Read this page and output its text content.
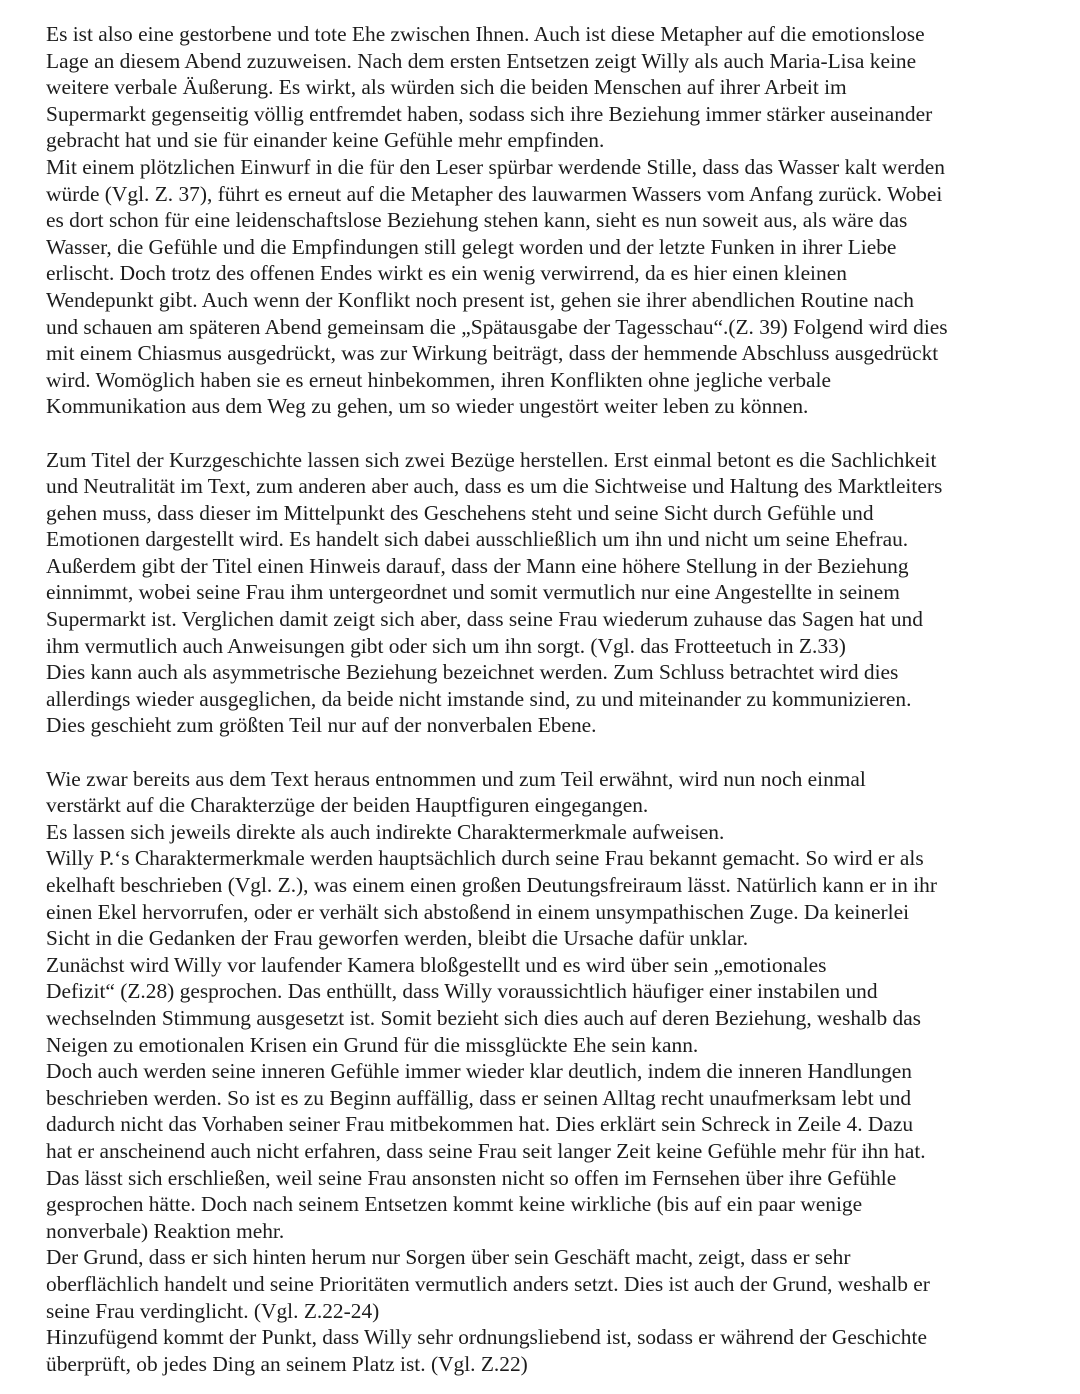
Es ist also eine gestorbene und tote Ehe zwischen Ihnen. Auch ist diese Metapher auf die emotionslose
Lage an diesem Abend zuzuweisen. Nach dem ersten Entsetzen zeigt Willy als auch Maria-Lisa keine
weitere verbale Äußerung. Es wirkt, als würden sich die beiden Menschen auf ihrer Arbeit im
Supermarkt gegenseitig völlig entfremdet haben, sodass sich ihre Beziehung immer stärker auseinander
gebracht hat und sie für einander keine Gefühle mehr empfinden.
Mit einem plötzlichen Einwurf in die für den Leser spürbar werdende Stille, dass das Wasser kalt werden
würde (Vgl. Z. 37), führt es erneut auf die Metapher des lauwarmen Wassers vom Anfang zurück. Wobei
es dort schon für eine leidenschaftslose Beziehung stehen kann, sieht es nun soweit aus, als wäre das
Wasser, die Gefühle und die Empfindungen still gelegt worden und der letzte Funken in ihrer Liebe
erlischt. Doch trotz des offenen Endes wirkt es ein wenig verwirrend, da es hier einen kleinen
Wendepunkt gibt. Auch wenn der Konflikt noch present ist, gehen sie ihrer abendlichen Routine nach
und schauen am späteren Abend gemeinsam die „Spätausgabe der Tagesschau“.(Z. 39) Folgend wird dies
mit einem Chiasmus ausgedrückt, was zur Wirkung beiträgt, dass der hemmende Abschluss ausgedrückt
wird. Womöglich haben sie es erneut hinbekommen, ihren Konflikten ohne jegliche verbale
Kommunikation aus dem Weg zu gehen, um so wieder ungestört weiter leben zu können.
Zum Titel der Kurzgeschichte lassen sich zwei Bezüge herstellen. Erst einmal betont es die Sachlichkeit
und Neutralität im Text, zum anderen aber auch, dass es um die Sichtweise und Haltung des Marktleiters
gehen muss, dass dieser im Mittelpunkt des Geschehens steht und seine Sicht durch Gefühle und
Emotionen dargestellt wird. Es handelt sich dabei ausschließlich um ihn und nicht um seine Ehefrau.
Außerdem gibt der Titel einen Hinweis darauf, dass der Mann eine höhere Stellung in der Beziehung
einnimmt, wobei seine Frau ihm untergeordnet und somit vermutlich nur eine Angestellte in seinem
Supermarkt ist. Verglichen damit zeigt sich aber, dass seine Frau wiederum zuhause das Sagen hat und
ihm vermutlich auch Anweisungen gibt oder sich um ihn sorgt. (Vgl. das Frotteetuch in Z.33)
Dies kann auch als asymmetrische Beziehung bezeichnet werden. Zum Schluss betrachtet wird dies
allerdings wieder ausgeglichen, da beide nicht imstande sind, zu und miteinander zu kommunizieren.
Dies geschieht zum größten Teil nur auf der nonverbalen Ebene.
Wie zwar bereits aus dem Text heraus entnommen und zum Teil erwähnt, wird nun noch einmal
verstärkt auf die Charakterzüge der beiden Hauptfiguren eingegangen.
Es lassen sich jeweils direkte als auch indirekte Charaktermerkmale aufweisen.
Willy P.‘s Charaktermerkmale werden hauptsächlich durch seine Frau bekannt gemacht. So wird er als
ekelhaft beschrieben (Vgl. Z.), was einem einen großen Deutungsfreiraum lässt. Natürlich kann er in ihr
einen Ekel hervorrufen, oder er verhält sich abstoßend in einem unsympathischen Zuge. Da keinerlei
Sicht in die Gedanken der Frau geworfen werden, bleibt die Ursache dafür unklar.
Zunächst wird Willy vor laufender Kamera bloßgestellt und es wird über sein „emotionales
Defizit“ (Z.28) gesprochen. Das enthüllt, dass Willy voraussichtlich häufiger einer instabilen und
wechselnden Stimmung ausgesetzt ist. Somit bezieht sich dies auch auf deren Beziehung, weshalb das
Neigen zu emotionalen Krisen ein Grund für die missglückte Ehe sein kann.
Doch auch werden seine inneren Gefühle immer wieder klar deutlich, indem die inneren Handlungen
beschrieben werden. So ist es zu Beginn auffällig, dass er seinen Alltag recht unaufmerksam lebt und
dadurch nicht das Vorhaben seiner Frau mitbekommen hat. Dies erklärt sein Schreck in Zeile 4. Dazu
hat er anscheinend auch nicht erfahren, dass seine Frau seit langer Zeit keine Gefühle mehr für ihn hat.
Das lässt sich erschließen, weil seine Frau ansonsten nicht so offen im Fernsehen über ihre Gefühle
gesprochen hätte. Doch nach seinem Entsetzen kommt keine wirkliche (bis auf ein paar wenige
nonverbale) Reaktion mehr.
Der Grund, dass er sich hinten herum nur Sorgen über sein Geschäft macht, zeigt, dass er sehr
oberflächlich handelt und seine Prioritäten vermutlich anders setzt. Dies ist auch der Grund, weshalb er
seine Frau verdinglicht. (Vgl. Z.22-24)
Hinzufügend kommt der Punkt, dass Willy sehr ordnungsliebend ist, sodass er während der Geschichte
überprüft, ob jedes Ding an seinem Platz ist. (Vgl. Z.22)
